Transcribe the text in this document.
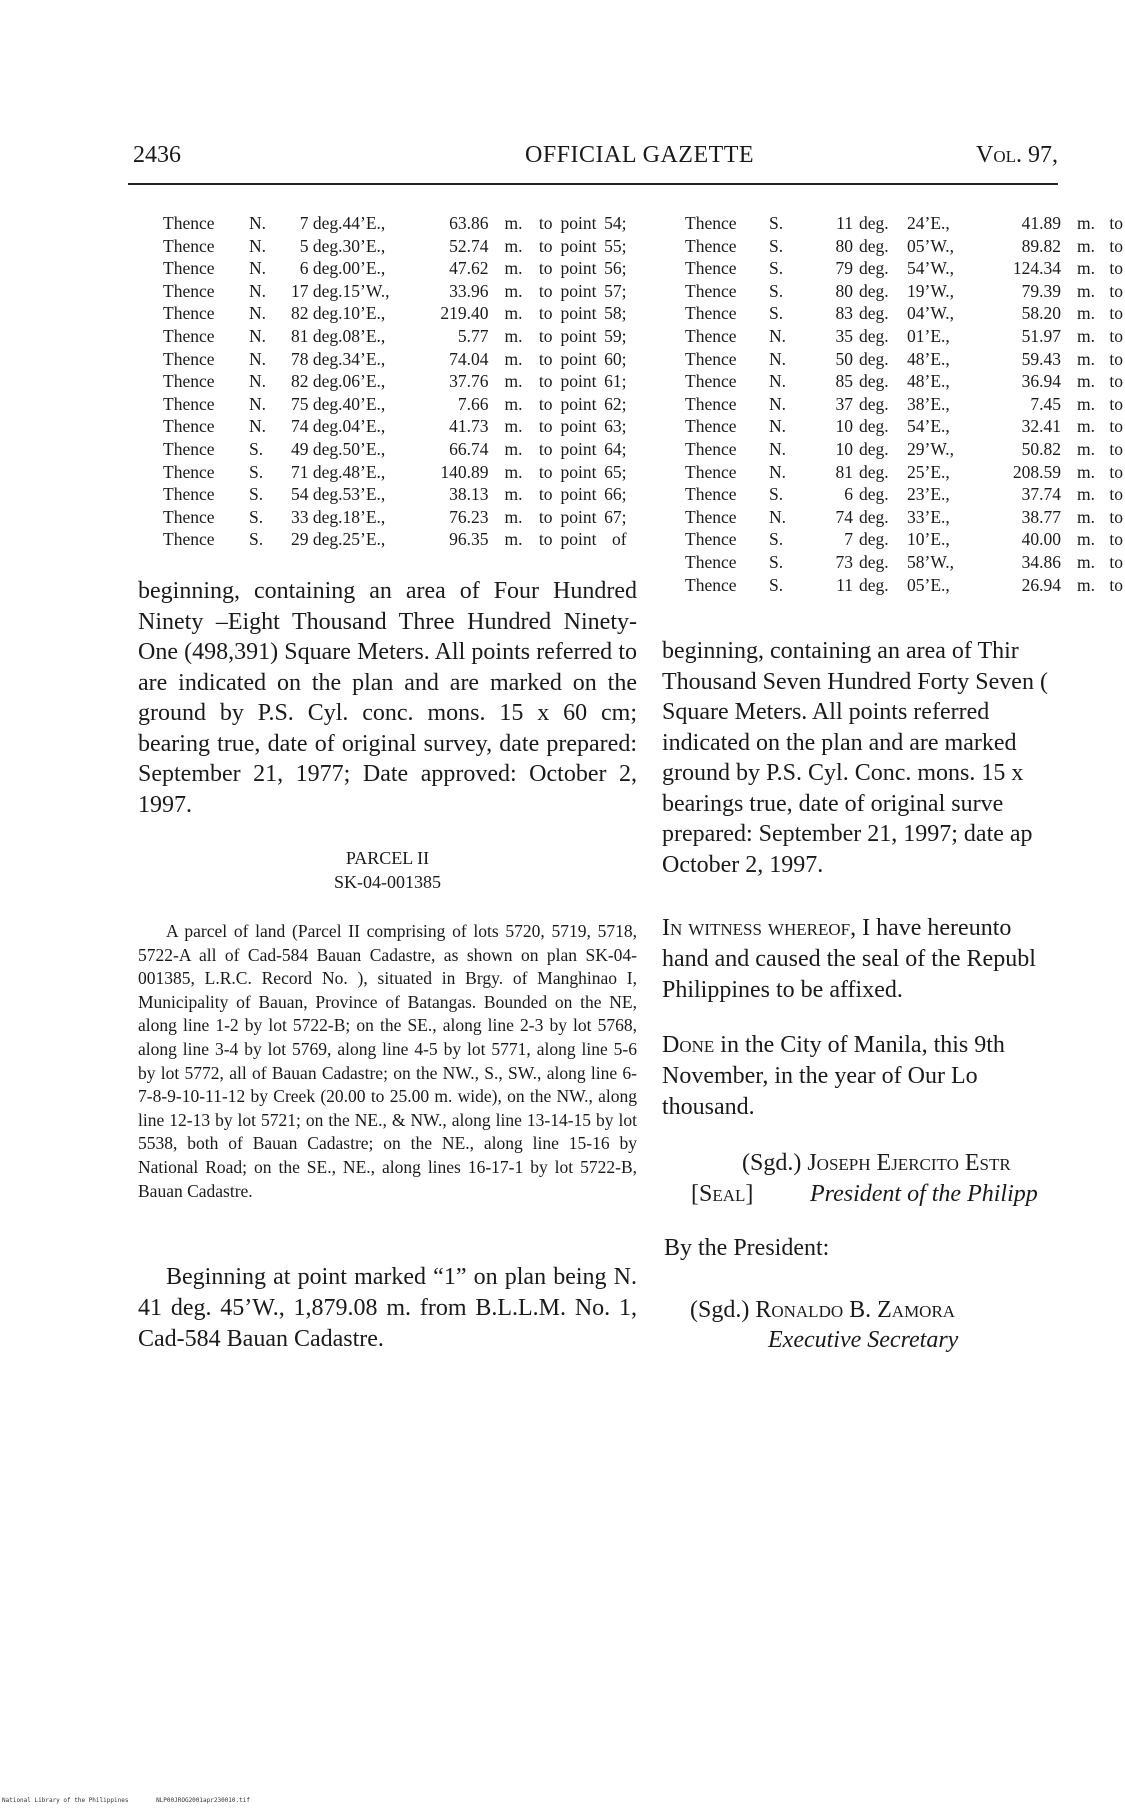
2436	OFFICIAL GAZETTE	Vol. 97,
Thence	N.	7 deg.	44’E.,	63.86	m.	to	point	54;
Thence	N.	5 deg.	30’E.,	52.74	m.	to	point	55;
Thence	N.	6 deg.	00’E.,	47.62	m.	to	point	56;
Thence	N.	17 deg.	15’W.,	33.96	m.	to	point	57;
Thence	N.	82 deg.	10’E.,	219.40	m.	to	point	58;
Thence	N.	81 deg.	08’E.,	5.77	m.	to	point	59;
Thence	N.	78 deg.	34’E.,	74.04	m.	to	point	60;
Thence	N.	82 deg.	06’E.,	37.76	m.	to	point	61;
Thence	N.	75 deg.	40’E.,	7.66	m.	to	point	62;
Thence	N.	74 deg.	04’E.,	41.73	m.	to	point	63;
Thence	S.	49 deg.	50’E.,	66.74	m.	to	point	64;
Thence	S.	71 deg.	48’E.,	140.89	m.	to	point	65;
Thence	S.	54 deg.	53’E.,	38.13	m.	to	point	66;
Thence	S.	33 deg.	18’E.,	76.23	m.	to	point	67;
Thence	S.	29 deg.	25’E.,	96.35	m.	to	point	of
Thence	S.	11	deg.	24’E.,	41.89	m.	to
Thence	S.	80	deg.	05’W.,	89.82	m.	to
Thence	S.	79	deg.	54’W.,	124.34	m.	to
Thence	S.	80	deg.	19’W.,	79.39	m.	to
Thence	S.	83	deg.	04’W.,	58.20	m.	to
Thence	N.	35	deg.	01’E.,	51.97	m.	to
Thence	N.	50	deg.	48’E.,	59.43	m.	to
Thence	N.	85	deg.	48’E.,	36.94	m.	to
Thence	N.	37	deg.	38’E.,	7.45	m.	to
Thence	N.	10	deg.	54’E.,	32.41	m.	to
Thence	N.	10	deg.	29’W.,	50.82	m.	to
Thence	N.	81	deg.	25’E.,	208.59	m.	to
Thence	S.	6	deg.	23’E.,	37.74	m.	to
Thence	N.	74	deg.	33’E.,	38.77	m.	to
Thence	S.	7	deg.	10’E.,	40.00	m.	to
Thence	S.	73	deg.	58’W.,	34.86	m.	to
Thence	S.	11	deg.	05’E.,	26.94	m.	to
beginning, containing an area of Four Hundred Ninety –Eight Thousand Three Hundred Ninety-One (498,391) Square Meters. All points referred to are indicated on the plan and are marked on the ground by P.S. Cyl. conc. mons. 15 x 60 cm; bearing true, date of original survey, date prepared: September 21, 1977; Date approved: October 2, 1997.
beginning, containing an area of Thir
Thousand Seven Hundred Forty Seven (
Square Meters. All points referred
indicated on the plan and are marked
ground by P.S. Cyl. Conc. mons. 15 x
bearings true, date of original surve
prepared: September 21, 1997; date ap
October 2, 1997.
PARCEL II
SK-04-001385
A parcel of land (Parcel II comprising of lots 5720, 5719, 5718, 5722-A all of Cad-584 Bauan Cadastre, as shown on plan SK-04-001385, L.R.C. Record No. ), situated in Brgy. of Manghinao I, Municipality of Bauan, Province of Batangas. Bounded on the NE, along line 1-2 by lot 5722-B; on the SE., along line 2-3 by lot 5768, along line 3-4 by lot 5769, along line 4-5 by lot 5771, along line 5-6 by lot 5772, all of Bauan Cadastre; on the NW., S., SW., along line 6-7-8-9-10-11-12 by Creek (20.00 to 25.00 m. wide), on the NW., along line 12-13 by lot 5721; on the NE., & NW., along line 13-14-15 by lot 5538, both of Bauan Cadastre; on the NE., along line 15-16 by National Road; on the SE., NE., along lines 16-17-1 by lot 5722-B, Bauan Cadastre.
Beginning at point marked “1” on plan being N. 41 deg. 45’W., 1,879.08 m. from B.L.L.M. No. 1, Cad-584 Bauan Cadastre.
In witness whereof, I have hereunto
hand and caused the seal of the Republ
Philippines to be affixed.
Done in the City of Manila, this 9th
November, in the year of Our Lo
thousand.
(Sgd.) Joseph Ejercito Estr
[Seal] President of the Philipp
By the President:
(Sgd.) Ronaldo B. Zamora
Executive Secretary
National Library of the Philippines	NLP00JROG2001apr230010.tif
